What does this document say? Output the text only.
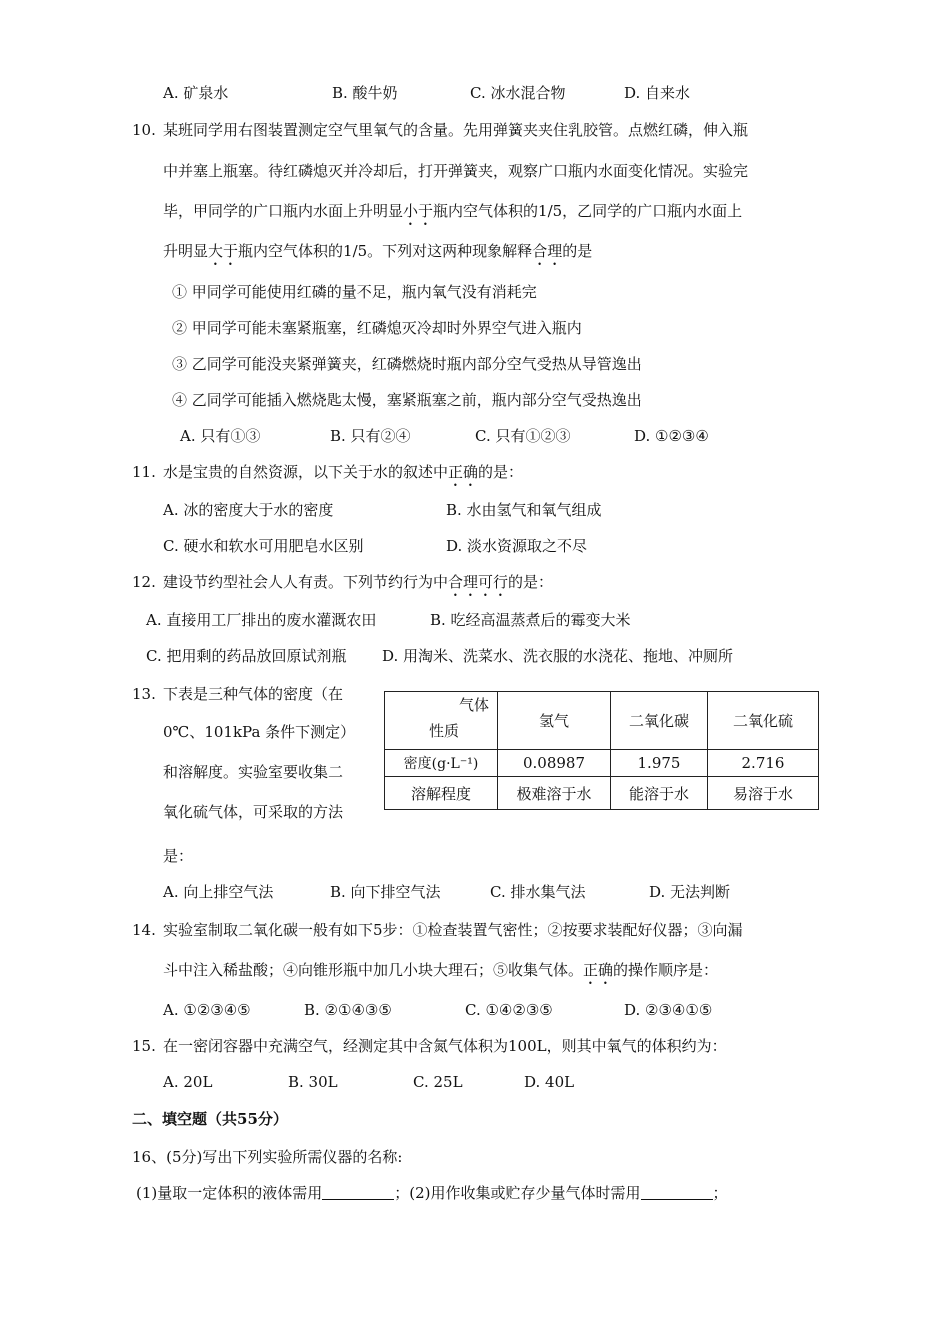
A. 矿泉水	B. 酸牛奶	C. 冰水混合物	D. 自来水
10. 某班同学用右图装置测定空气里氧气的含量。先用弹簧夹夹住乳胶管。点燃红磷，伸入瓶
中并塞上瓶塞。待红磷熄灭并冷却后，打开弹簧夹，观察广口瓶内水面变化情况。实验完
毕，甲同学的广口瓶内水面上升明显小于瓶内空气体积的1/5，乙同学的广口瓶内水面上
升明显大于瓶内空气体积的1/5。下列对这两种现象解释合理的是
① 甲同学可能使用红磷的量不足，瓶内氧气没有消耗完
② 甲同学可能未塞紧瓶塞，红磷熄灭冷却时外界空气进入瓶内
③ 乙同学可能没夹紧弹簧夹，红磷燃烧时瓶内部分空气受热从导管逸出
④ 乙同学可能插入燃烧匙太慢，塞紧瓶塞之前，瓶内部分空气受热逸出
A. 只有①③	B. 只有②④	C. 只有①②③	D. ①②③④
11. 水是宝贵的自然资源，以下关于水的叙述中正确的是：
A. 冰的密度大于水的密度	B. 水由氢气和氧气组成
C. 硬水和软水可用肥皂水区别	D. 淡水资源取之不尽
12. 建设节约型社会人人有责。下列节约行为中合理可行的是：
A. 直接用工厂排出的废水灌溉农田	B. 吃经高温蒸煮后的霉变大米
C. 把用剩的药品放回原试剂瓶 D. 用淘米、洗菜水、洗衣服的水浇花、拖地、冲厕所
13. 下表是三种气体的密度（在
0℃、101kPa 条件下测定）
和溶解度。实验室要收集二
氧化硫气体，可采取的方法
是：
气体
性质	氢气	二氧化碳	二氧化硫
密度(g·L⁻¹)	0.08987	1.975	2.716
溶解程度	极难溶于水	能溶于水	易溶于水
A. 向上排空气法	B. 向下排空气法	C. 排水集气法	D. 无法判断
14. 实验室制取二氧化碳一般有如下5步：①检查装置气密性；②按要求装配好仪器；③向漏
斗中注入稀盐酸；④向锥形瓶中加几小块大理石；⑤收集气体。正确的操作顺序是：
A. ①②③④⑤	B. ②①④③⑤	C. ①④②③⑤	D. ②③④①⑤
15. 在一密闭容器中充满空气，经测定其中含氮气体积为100L，则其中氧气的体积约为：
A. 20L	B. 30L	C. 25L	D. 40L
二、填空题（共55分）
16、(5分)写出下列实验所需仪器的名称:
(1)量取一定体积的液体需用	；(2)用作收集或贮存少量气体时需用	；
